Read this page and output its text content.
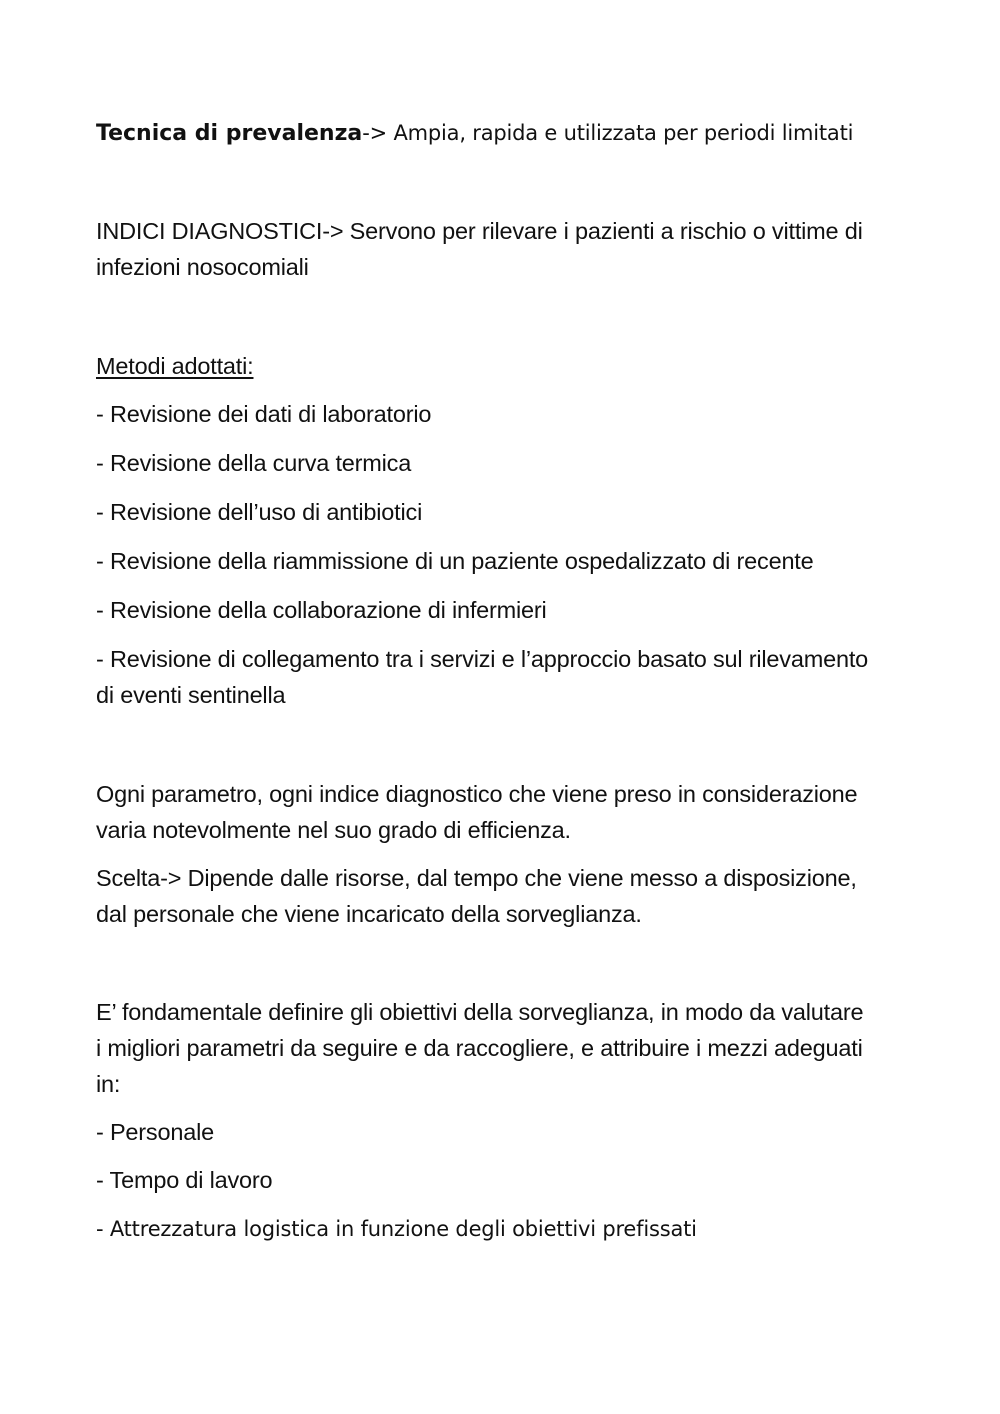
Tecnica di prevalenza-> Ampia, rapida e utilizzata per periodi limitati
INDICI DIAGNOSTICI-> Servono per rilevare i pazienti a rischio o vittime di
infezioni nosocomiali
Metodi adottati:
- Revisione dei dati di laboratorio
- Revisione della curva termica
- Revisione dell’uso di antibiotici
- Revisione della riammissione di un paziente ospedalizzato di recente
- Revisione della collaborazione di infermieri
- Revisione di collegamento tra i servizi e l’approccio basato sul rilevamento
di eventi sentinella
Ogni parametro, ogni indice diagnostico che viene preso in considerazione
varia notevolmente nel suo grado di efficienza.
Scelta-> Dipende dalle risorse, dal tempo che viene messo a disposizione,
dal personale che viene incaricato della sorveglianza.
E’ fondamentale definire gli obiettivi della sorveglianza, in modo da valutare
i migliori parametri da seguire e da raccogliere, e attribuire i mezzi adeguati
in:
- Personale
- Tempo di lavoro
- Attrezzatura logistica in funzione degli obiettivi prefissati
